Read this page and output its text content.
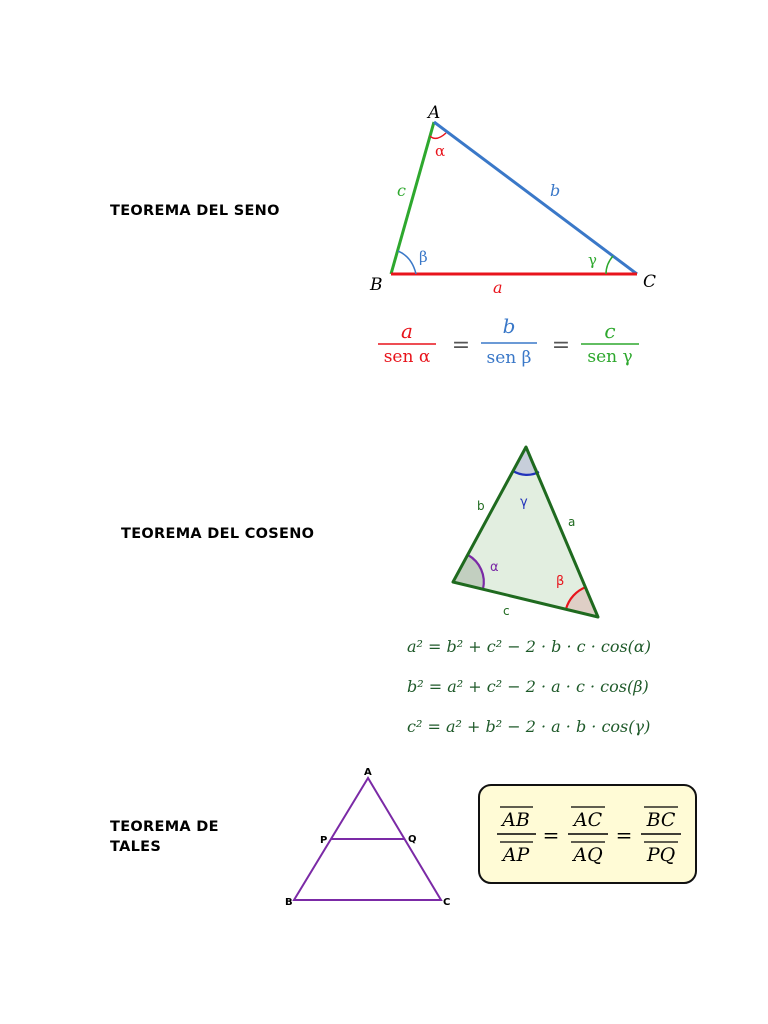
TEOREMA DEL SENO
TEOREMA DEL COSENO
TEOREMA DE
TALES
A
B	C
c	b
a
α
β	γ
a
sen α =
b
sen β =
c
sen γ
b
a
c
γ
α
β
a² = b² + c² − 2 · b · c · cos(α)
b² = a² + c² − 2 · a · c · cos(β)
c² = a² + b² − 2 · a · b · cos(γ)
A
P	Q
B	C
AB
AP
=
AC
AQ
=
BC
PQ
